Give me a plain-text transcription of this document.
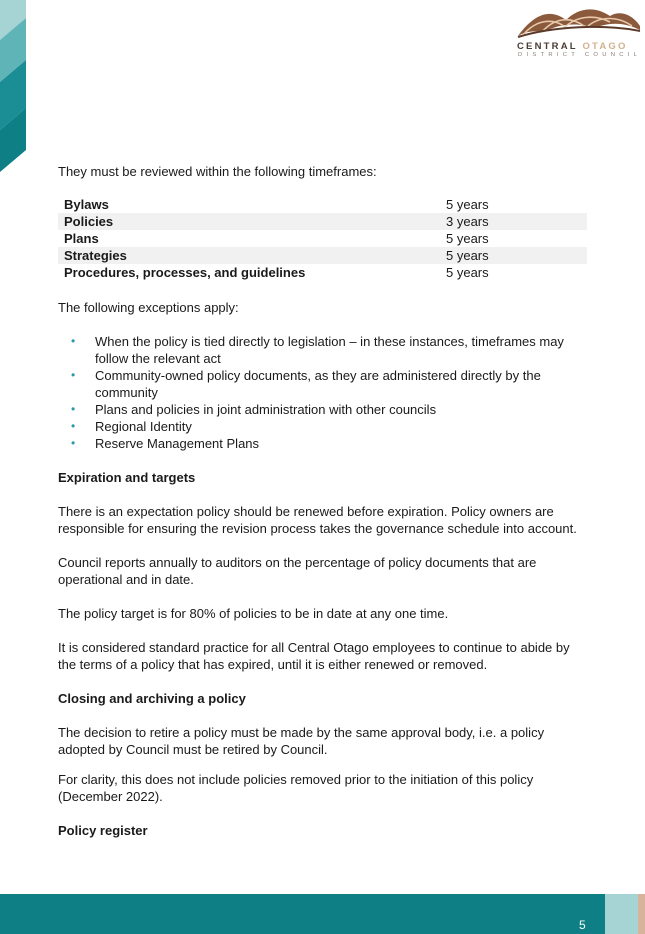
CENTRAL OTAGO
DISTRICT COUNCIL

They must be reviewed within the following timeframes:

Bylaws	5 years
Policies	3 years
Plans	5 years
Strategies	5 years
Procedures, processes, and guidelines	5 years

The following exceptions apply:

• When the policy is tied directly to legislation – in these instances, timeframes may follow the relevant act
• Community-owned policy documents, as they are administered directly by the community
• Plans and policies in joint administration with other councils
• Regional Identity
• Reserve Management Plans
Expiration and targets

There is an expectation policy should be renewed before expiration. Policy owners are responsible for ensuring the revision process takes the governance schedule into account.

Council reports annually to auditors on the percentage of policy documents that are operational and in date.

The policy target is for 80% of policies to be in date at any one time.

It is considered standard practice for all Central Otago employees to continue to abide by the terms of a policy that has expired, until it is either renewed or removed.

Closing and archiving a policy

The decision to retire a policy must be made by the same approval body, i.e. a policy adopted by Council must be retired by Council.

For clarity, this does not include policies removed prior to the initiation of this policy (December 2022).

Policy register
5
